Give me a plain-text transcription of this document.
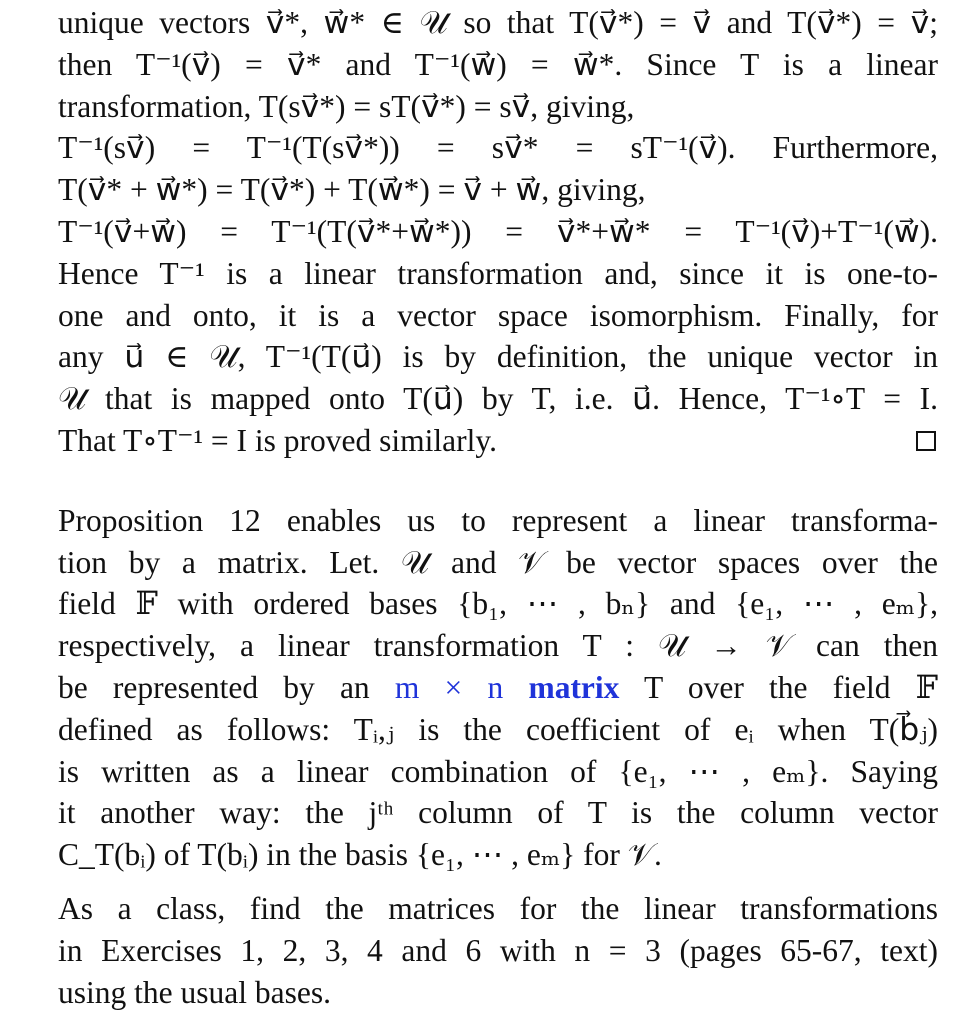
unique vectors v⃗*, w⃗* ∈ 𝒰 so that T(v⃗*) = v⃗ and T(v⃗*) = v⃗;
then T⁻¹(v⃗) = v⃗* and T⁻¹(w⃗) = w⃗*. Since T is a linear
transformation, T(sv⃗*) = sT(v⃗*) = sv⃗, giving,
T⁻¹(sv⃗) = T⁻¹(T(sv⃗*)) = sv⃗* = sT⁻¹(v⃗). Furthermore,
T(v⃗* + w⃗*) = T(v⃗*) + T(w⃗*) = v⃗ + w⃗, giving,
T⁻¹(v⃗+w⃗) = T⁻¹(T(v⃗*+w⃗*)) = v⃗*+w⃗* = T⁻¹(v⃗)+T⁻¹(w⃗).
Hence T⁻¹ is a linear transformation and, since it is one-to-
one and onto, it is a vector space isomorphism. Finally, for
any u⃗ ∈ 𝒰, T⁻¹(T(u⃗) is by definition, the unique vector in
𝒰 that is mapped onto T(u⃗) by T, i.e. u⃗. Hence, T⁻¹∘T = I.
That T∘T⁻¹ = I is proved similarly.
Proposition 12 enables us to represent a linear transforma-
tion by a matrix. Let. 𝒰 and 𝒱 be vector spaces over the
field 𝔽 with ordered bases {b₁, ⋯ , bₙ} and {e₁, ⋯ , eₘ},
respectively, a linear transformation T : 𝒰 → 𝒱 can then
be represented by an m × n matrix T over the field 𝔽
defined as follows: Tᵢ,ⱼ is the coefficient of eᵢ when T(b⃗ⱼ)
is written as a linear combination of {e₁, ⋯ , eₘ}. Saying
it another way: the jᵗʰ column of T is the column vector
C_T(bᵢ) of T(bᵢ) in the basis {e₁, ⋯ , eₘ} for 𝒱.
As a class, find the matrices for the linear transformations
in Exercises 1, 2, 3, 4 and 6 with n = 3 (pages 65-67, text)
using the usual bases.
